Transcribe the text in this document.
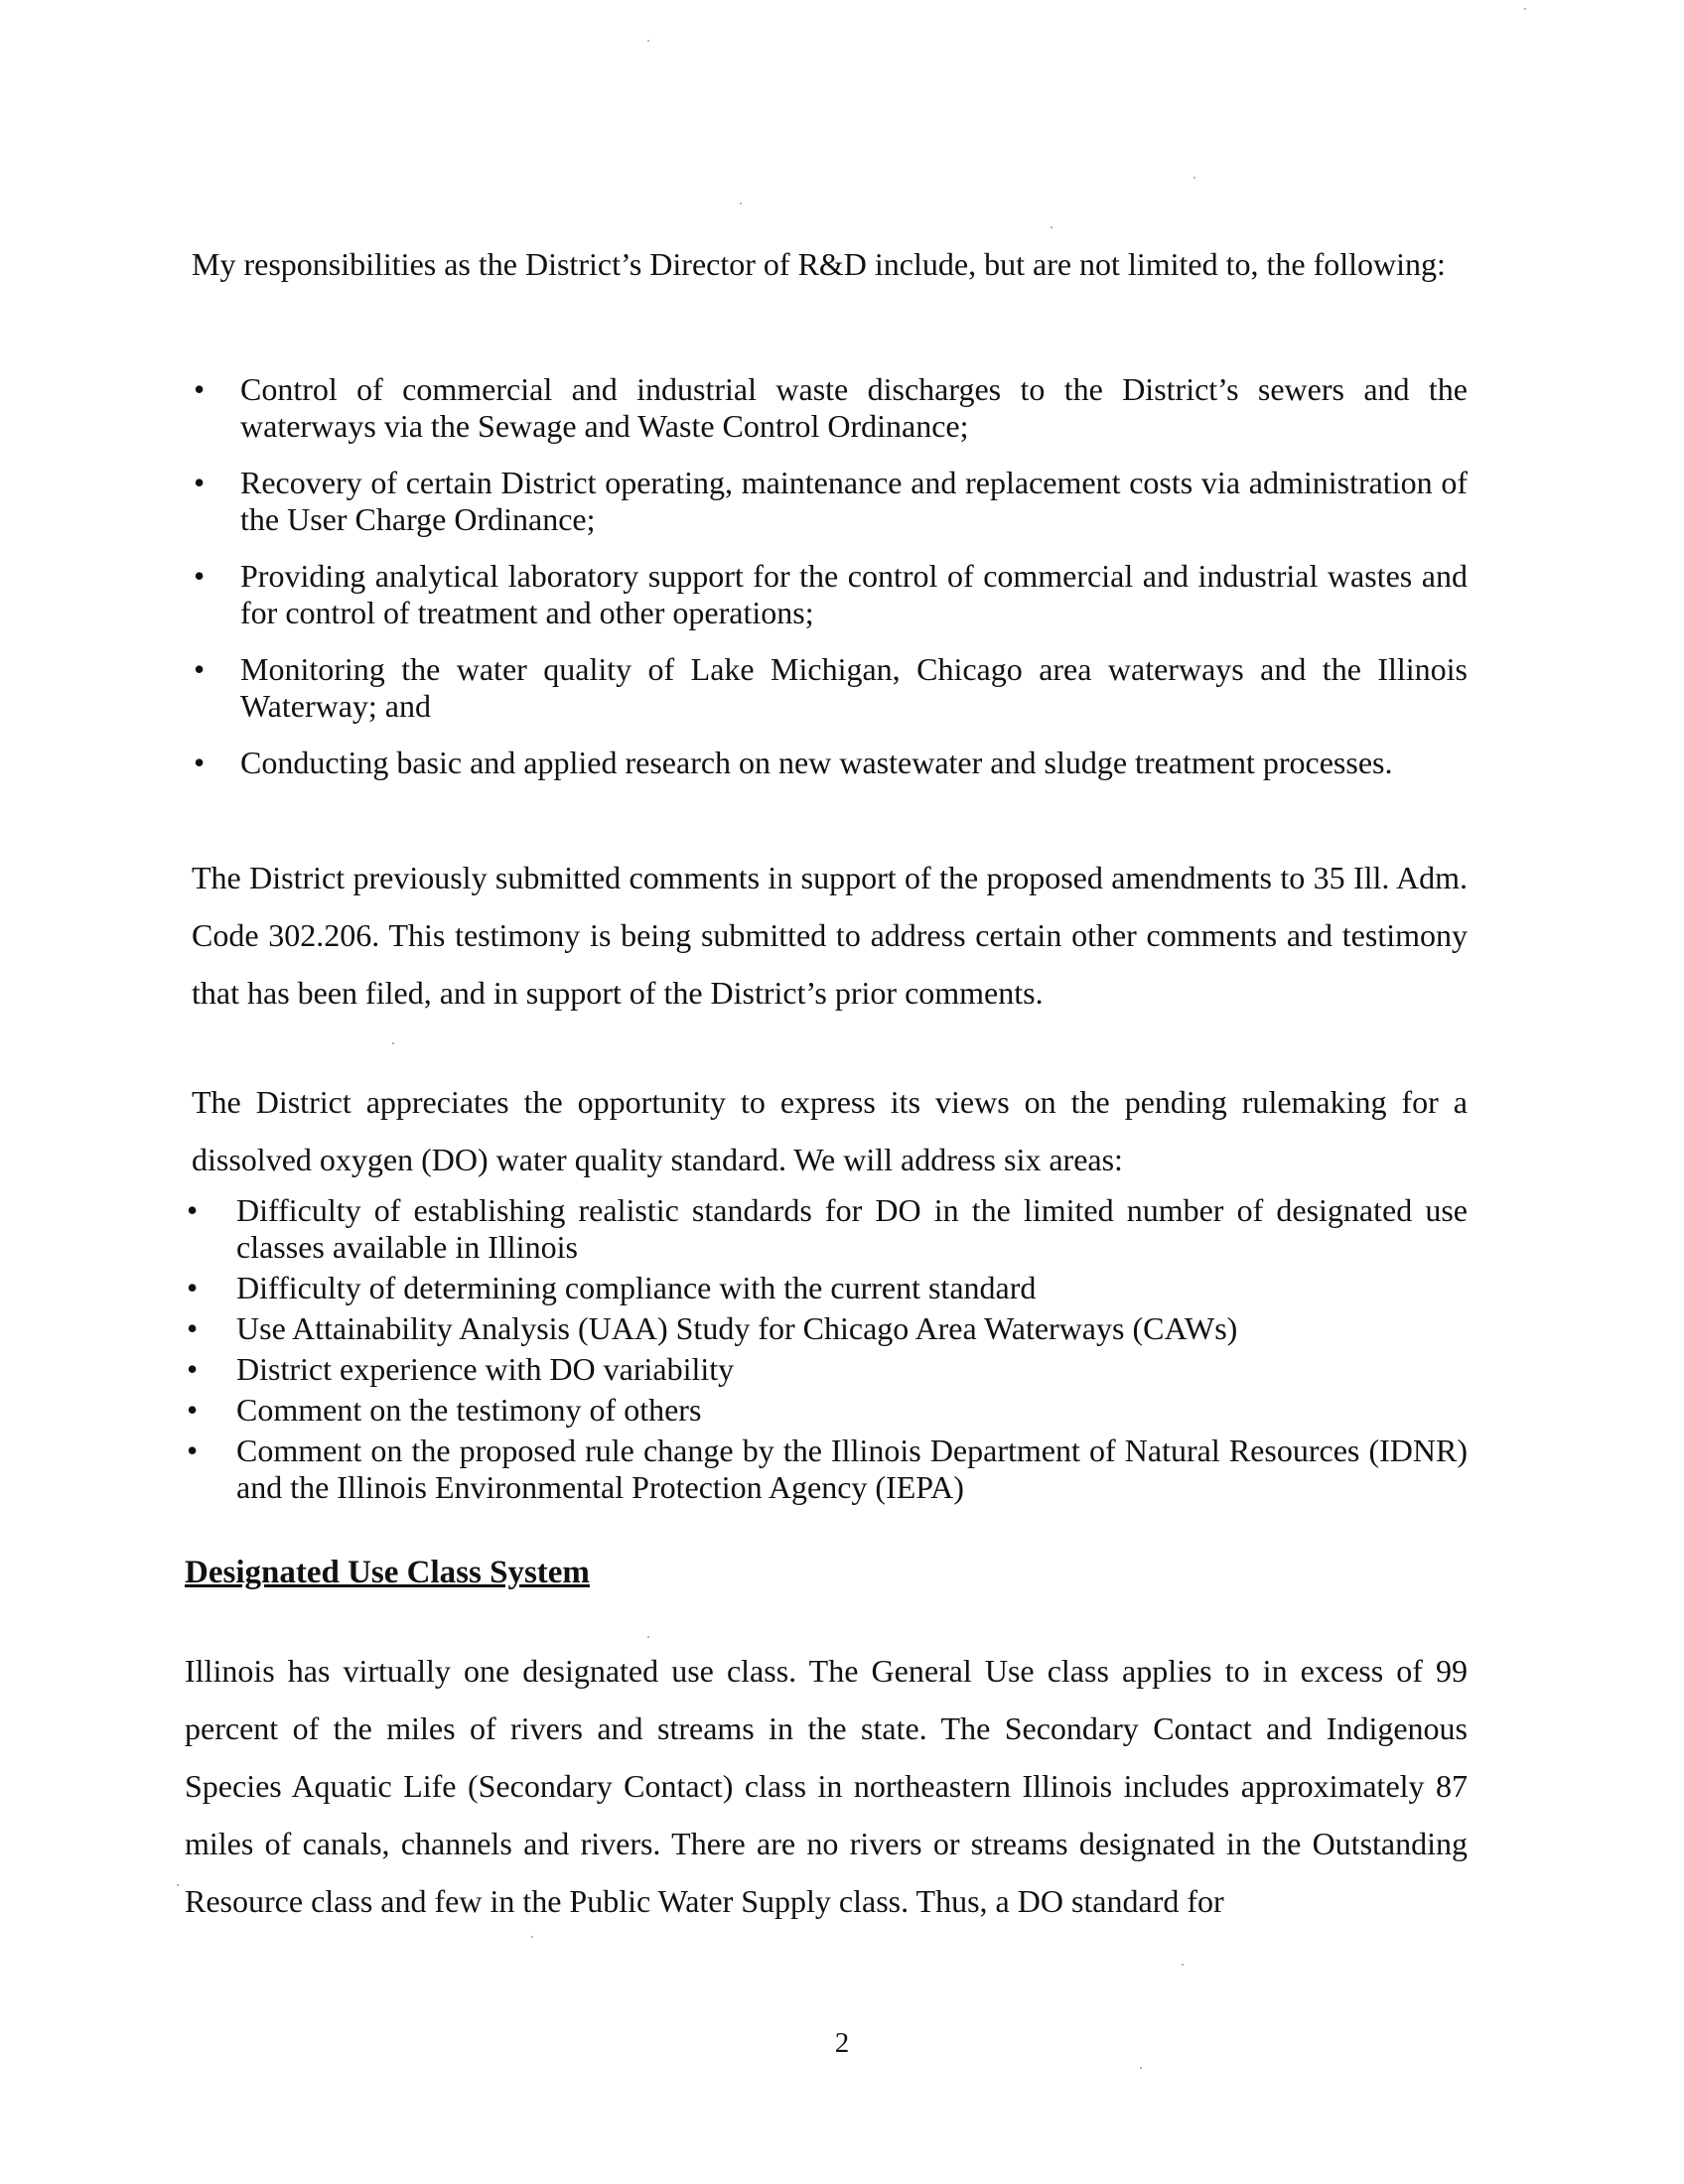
My responsibilities as the District’s Director of R&D include, but are not limited to, the following:

• Control of commercial and industrial waste discharges to the District’s sewers and the waterways via the Sewage and Waste Control Ordinance;
• Recovery of certain District operating, maintenance and replacement costs via administration of the User Charge Ordinance;
• Providing analytical laboratory support for the control of commercial and industrial wastes and for control of treatment and other operations;
• Monitoring the water quality of Lake Michigan, Chicago area waterways and the Illinois Waterway; and
• Conducting basic and applied research on new wastewater and sludge treatment processes.

The District previously submitted comments in support of the proposed amendments to 35 Ill. Adm. Code 302.206. This testimony is being submitted to address certain other comments and testimony that has been filed, and in support of the District’s prior comments.

The District appreciates the opportunity to express its views on the pending rulemaking for a dissolved oxygen (DO) water quality standard. We will address six areas:

• Difficulty of establishing realistic standards for DO in the limited number of designated use classes available in Illinois
• Difficulty of determining compliance with the current standard
• Use Attainability Analysis (UAA) Study for Chicago Area Waterways (CAWs)
• District experience with DO variability
• Comment on the testimony of others
• Comment on the proposed rule change by the Illinois Department of Natural Resources (IDNR) and the Illinois Environmental Protection Agency (IEPA)
Designated Use Class System

Illinois has virtually one designated use class. The General Use class applies to in excess of 99 percent of the miles of rivers and streams in the state. The Secondary Contact and Indigenous Species Aquatic Life (Secondary Contact) class in northeastern Illinois includes approximately 87 miles of canals, channels and rivers. There are no rivers or streams designated in the Outstanding Resource class and few in the Public Water Supply class. Thus, a DO standard for

2
